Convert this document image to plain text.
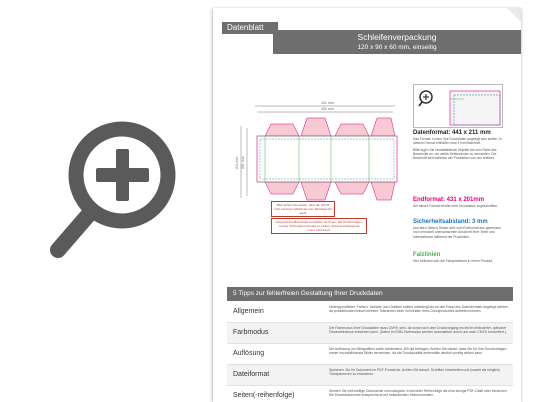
Datenblatt
Schleifenverpackung
120 x 90 x 60 mm, einseitig
441 mm
431 mm
211 mm 201 mm
Bitte achten Sie darauf, dass die Schrift (inkl. Hintergrundbild) bis zum Randbereich reicht.
Aufgrund des Beschnitts empfehlen wir Ihnen, alle Druckvorlagen zu Ihrer Sicherheit nochmals zu prüfen. Zusammenhängende Linien sind fixiert.

Datenformat: 441 x 211 mm

Das Format, in dem Ihre Druckdaten angelegt sein sollten. In diesem Format enthalten sind 3 mm Beschnitt.

Bitte legen Sie randabfallende Objekte bis zum Rand des Beschnitts an, um weiße Seitenränder zu vermeiden. Der Beschnitt wird während der Produktion von uns entfernt.

Endformat: 431 x 201mm

Auf dieses Format werden Ihre Druckdaten zugeschnitten.

Sicherheitsabstand: 3 mm

(auf allen Seiten) Dieser wird vom Endformat aus gemessen und verhindert unerwünschten Anschnitt Ihrer Texte und Informationen während der Produktion.

Falzlinien

Hier befinden sich die Falzpositionen in Ihrem Produkt.

5 Tipps zur fehlerfreien Gestaltung Ihrer Druckdaten
Allgemein
Hintergrundbilder, Farben, Verläufe und Grafiken sollten unbedingt bis an den Rand des Datenformats angelegt werden, da produktionstechnisch kleinere Toleranzen beim Schneiden Ihres Druckproduktes auftreten können.
Farbmodus
Der Farbmodus Ihrer Druckdaten muss CMYK sein, da sonst nach dem Druckvorgang ein leicht veränderter, optischer Gesamteindruck entstehen kann. (Daten im RGB-Farbmodus werden automatisch durch uns nach CMYK konvertiert.)
Auflösung
Die Auflösung von Bildgrafiken sollte mindestens 300 dpi betragen. Achten Sie darauf, dass Sie für Ihre Druckvorlagen immer hochauflösende Bilder verwenden, da die Druckqualität andernfalls deutlich pixelig wirken kann.
Dateiformat
Speichern Sie Ihr Dokument im PDF-Format ab. Achten Sie darauf, Schriften einzubetten und (soweit als möglich) Transparenzen zu reduzieren.
Seiten(-reihenfolge)
Senden Sie mehrseitige Dokumente chronologisch in korrekter Reihenfolge als eine einzige PDF-Datei oder benennen Sie Einzeldokumente entsprechend mit fortlaufenden Seitennummern.
